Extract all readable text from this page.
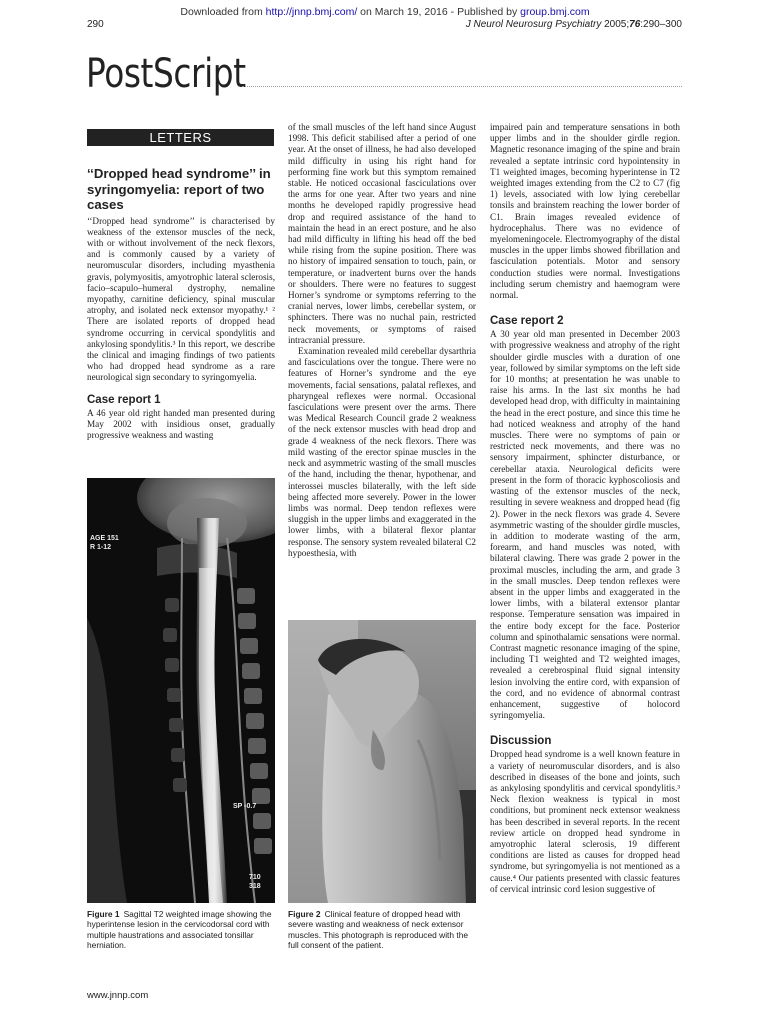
Downloaded from http://jnnp.bmj.com/ on March 19, 2016 - Published by group.bmj.com
290	J Neurol Neurosurg Psychiatry 2005;76:290–300
PostScript
LETTERS
‘‘Dropped head syndrome’’ in syringomyelia: report of two cases

‘‘Dropped head syndrome’’ is characterised by weakness of the extensor muscles of the neck, with or without involvement of the neck flexors, and is commonly caused by a variety of neuromuscular disorders, including myasthenia gravis, polymyositis, amyotrophic lateral sclerosis, facio–scapulo–humeral dystrophy, nemaline myopathy, carnitine deficiency, spinal muscular atrophy, and isolated neck extensor myopathy.¹ ² There are isolated reports of dropped head syndrome occurring in cervical spondylitis and ankylosing spondylitis.³ In this report, we describe the clinical and imaging findings of two patients who had dropped head syndrome as a rare neurological sign secondary to syringomyelia.

Case report 1

A 46 year old right handed man presented during May 2002 with insidious onset, gradually progressive weakness and wasting

AGE 151
R 1-12
SP -0.7
710
318
Figure 1 Sagittal T2 weighted image showing the hyperintense lesion in the cervicodorsal cord with multiple haustrations and associated tonsillar herniation.

of the small muscles of the left hand since August 1998. This deficit stabilised after a period of one year. At the onset of illness, he had also developed mild difficulty in using his right hand for performing fine work but this symptom remained stable. He noticed occasional fasciculations over the arms for one year. After two years and nine months he developed rapidly progressive head drop and required assistance of the hand to maintain the head in an erect posture, and he also had mild difficulty in lifting his head off the bed while rising from the supine position. There was no history of impaired sensation to touch, pain, or temperature, or inadvertent burns over the hands or shoulders. There were no features to suggest Horner’s syndrome or symptoms referring to the cranial nerves, lower limbs, cerebellar system, or sphincters. There was no nuchal pain, restricted neck movements, or symptoms of raised intracranial pressure.

Examination revealed mild cerebellar dysarthria and fasciculations over the tongue. There were no features of Horner’s syndrome and the eye movements, facial sensations, palatal reflexes, and pharyngeal reflexes were normal. Occasional fasciculations were present over the arms. There was Medical Research Council grade 2 weakness of the neck extensor muscles with head drop and grade 4 weakness of the neck flexors. There was mild wasting of the erector spinae muscles in the neck and asymmetric wasting of the small muscles of the hand, including the thenar, hypothenar, and interossei muscles bilaterally, with the left side being affected more severely. Power in the lower limbs was normal. Deep tendon reflexes were sluggish in the upper limbs and exaggerated in the lower limbs, with a bilateral flexor plantar response. The sensory system revealed bilateral C2 hypoesthesia, with

Figure 2 Clinical feature of dropped head with severe wasting and weakness of neck extensor muscles. This photograph is reproduced with the full consent of the patient.

impaired pain and temperature sensations in both upper limbs and in the shoulder girdle region. Magnetic resonance imaging of the spine and brain revealed a septate intrinsic cord hypointensity in T1 weighted images, becoming hyperintense in T2 weighted images extending from the C2 to C7 (fig 1) levels, associated with low lying cerebellar tonsils and brainstem reaching the lower border of C1. Brain images revealed evidence of hydrocephalus. There was no evidence of myelomeningocele. Electromyography of the distal muscles in the upper limbs showed fibrillation and fasciculation potentials. Motor and sensory conduction studies were normal. Investigations including serum chemistry and haemogram were normal.

Case report 2

A 30 year old man presented in December 2003 with progressive weakness and atrophy of the right shoulder girdle muscles with a duration of one year, followed by similar symptoms on the left side for 10 months; at presentation he was unable to raise his arms. In the last six months he had developed head drop, with difficulty in maintaining the head in the erect posture, and since this time he had noticed weakness and atrophy of the hand muscles. There were no symptoms of pain or restricted neck movements, and there was no sensory impairment, sphincter disturbance, or cerebellar ataxia. Neurological deficits were present in the form of thoracic kyphoscoliosis and wasting of the extensor muscles of the neck, resulting in severe weakness and dropped head (fig 2). Power in the neck flexors was grade 4. Severe asymmetric wasting of the shoulder girdle muscles, in addition to moderate wasting of the arm, forearm, and hand muscles was noted, with bilateral clawing. There was grade 2 power in the proximal muscles, including the arm, and grade 3 in the small muscles. Deep tendon reflexes were absent in the upper limbs and exaggerated in the lower limbs, with a bilateral extensor plantar response. Temperature sensation was impaired in the entire body except for the face. Posterior column and spinothalamic sensations were normal. Contrast magnetic resonance imaging of the spine, including T1 weighted and T2 weighted images, revealed a cerebrospinal fluid signal intensity lesion involving the entire cord, with expansion of the cord, and no evidence of abnormal contrast enhancement, suggestive of holocord syringomyelia.

Discussion

Dropped head syndrome is a well known feature in a variety of neuromuscular disorders, and is also described in diseases of the bone and joints, such as ankylosing spondylitis and cervical spondylitis.³ Neck flexion weakness is typical in most conditions, but prominent neck extensor weakness has been described in several reports. In the recent review article on dropped head syndrome in amyotrophic lateral sclerosis, 19 different conditions are listed as causes for dropped head syndrome, but syringomyelia is not mentioned as a cause.⁴ Our patients presented with classic features of cervical intrinsic cord lesion suggestive of

www.jnnp.com
